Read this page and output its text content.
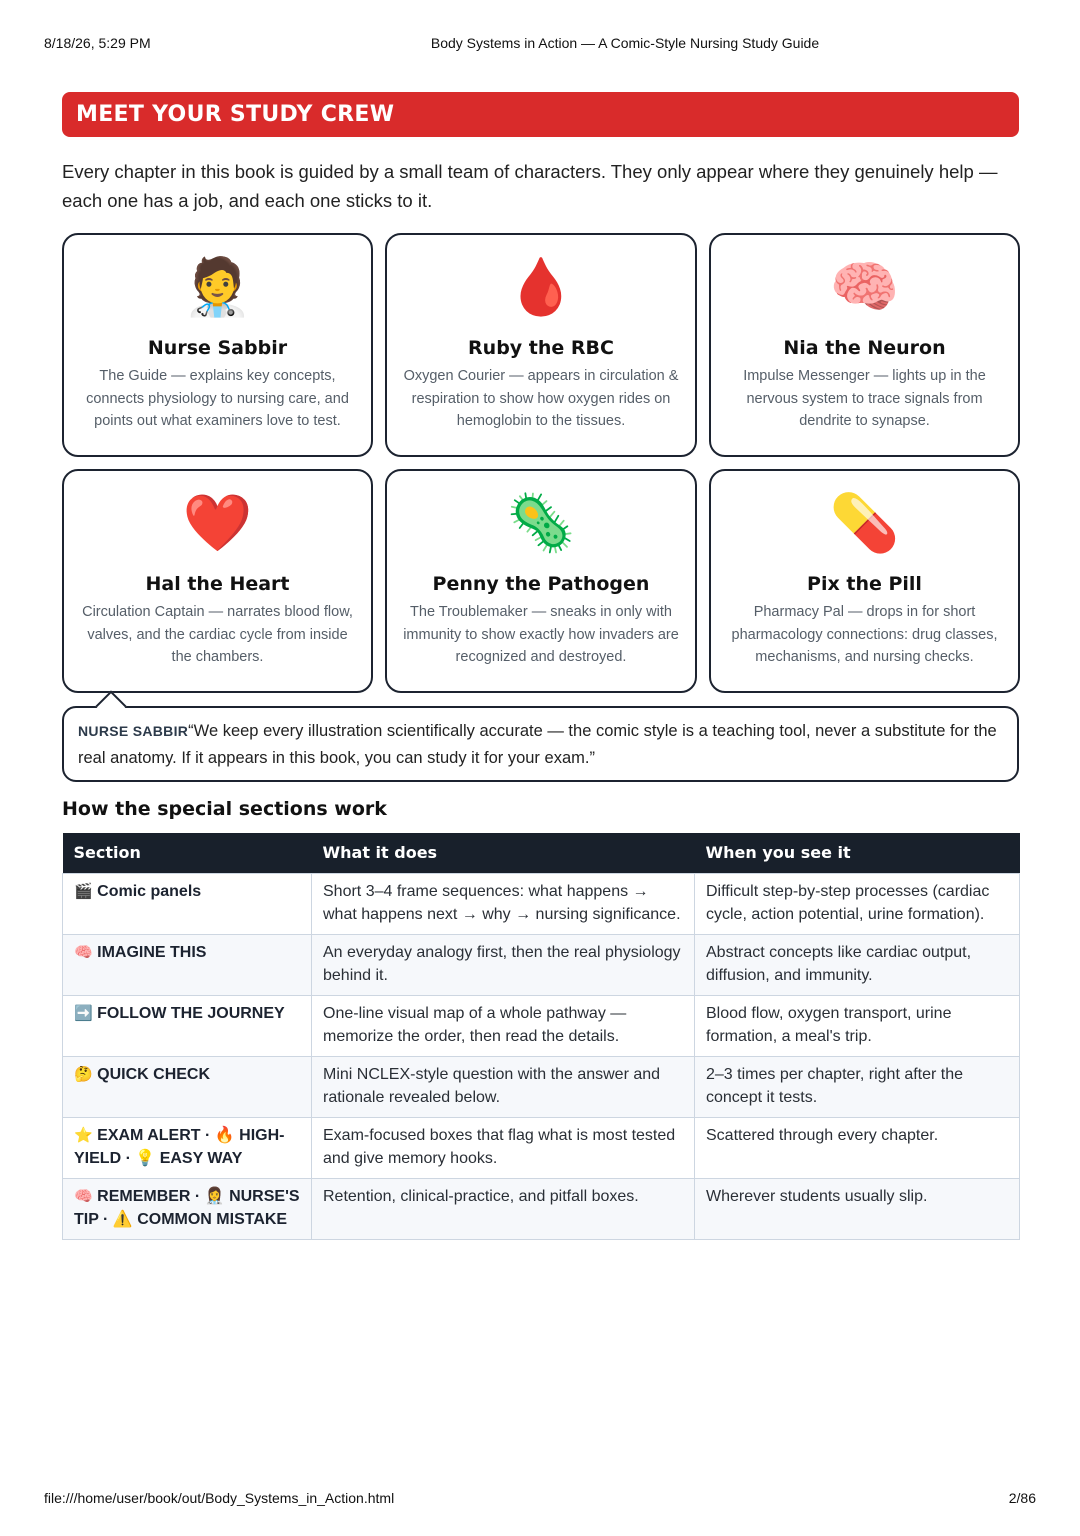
8/18/26, 5:29 PM	Body Systems in Action — A Comic-Style Nursing Study Guide
MEET YOUR STUDY CREW

Every chapter in this book is guided by a small team of characters. They only appear where they genuinely help — each one has a job, and each one sticks to it.

🧑‍⚕️
Nurse Sabbir
The Guide — explains key concepts, connects physiology to nursing care, and points out what examiners love to test.
🩸
Ruby the RBC
Oxygen Courier — appears in circulation & respiration to show how oxygen rides on hemoglobin to the tissues.
🧠
Nia the Neuron
Impulse Messenger — lights up in the nervous system to trace signals from dendrite to synapse.
❤️
Hal the Heart
Circulation Captain — narrates blood flow, valves, and the cardiac cycle from inside the chambers.
🦠
Penny the Pathogen
The Troublemaker — sneaks in only with immunity to show exactly how invaders are recognized and destroyed.
💊
Pix the Pill
Pharmacy Pal — drops in for short pharmacology connections: drug classes, mechanisms, and nursing checks.
NURSE SABBIR“We keep every illustration scientifically accurate — the comic style is a teaching tool, never a substitute for the real anatomy. If it appears in this book, you can study it for your exam.”
How the special sections work
Section	What it does	When you see it
🎬 Comic panels	Short 3–4 frame sequences: what happens → what happens next → why → nursing significance.	Difficult step-by-step processes (cardiac cycle, action potential, urine formation).
🧠 IMAGINE THIS	An everyday analogy first, then the real physiology behind it.	Abstract concepts like cardiac output, diffusion, and immunity.
➡️ FOLLOW THE JOURNEY	One-line visual map of a whole pathway — memorize the order, then read the details.	Blood flow, oxygen transport, urine formation, a meal's trip.
🤔 QUICK CHECK	Mini NCLEX-style question with the answer and rationale revealed below.	2–3 times per chapter, right after the concept it tests.
⭐ EXAM ALERT · 🔥 HIGH-YIELD · 💡 EASY WAY	Exam-focused boxes that flag what is most tested and give memory hooks.	Scattered through every chapter.
🧠 REMEMBER · 👩‍⚕️ NURSE'S TIP · ⚠️ COMMON MISTAKE	Retention, clinical-practice, and pitfall boxes.	Wherever students usually slip.
file:///home/user/book/out/Body_Systems_in_Action.html	2/86
